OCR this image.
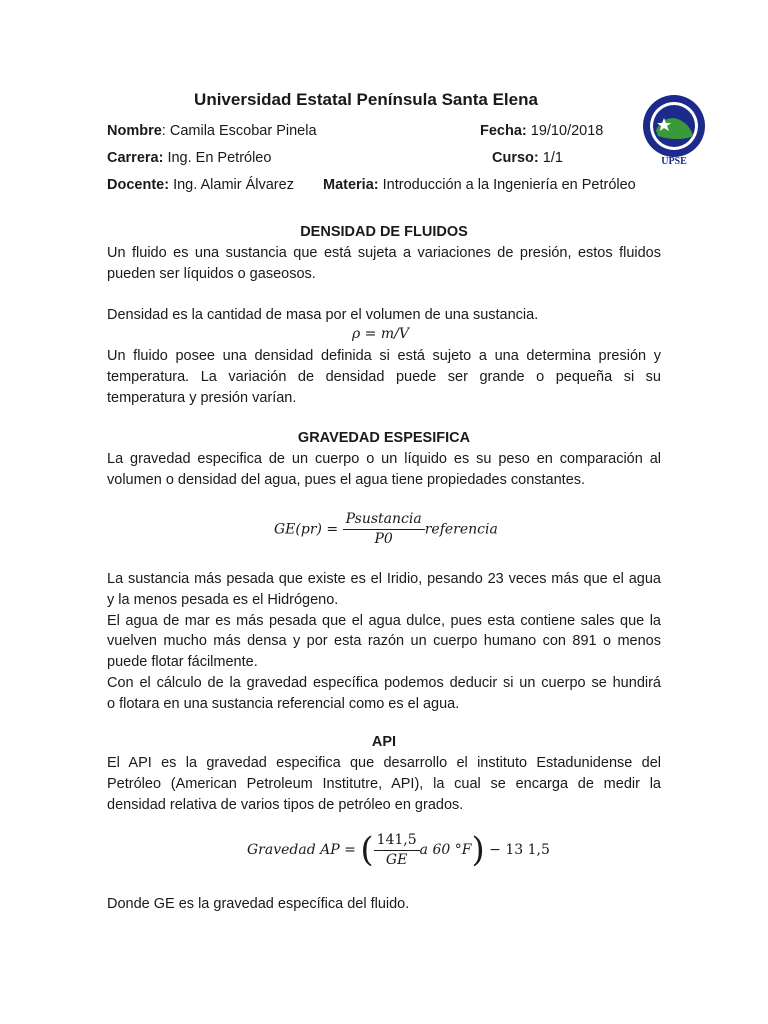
Universidad Estatal Península Santa Elena
UPSE
Nombre: Camila Escobar Pinela	Fecha: 19/10/2018
Carrera: Ing. En Petróleo	Curso: 1/1
Docente: Ing. Alamir Álvarez Materia: Introducción a la Ingeniería en Petróleo
DENSIDAD DE FLUIDOS
Un fluido es una sustancia que está sujeta a variaciones de presión, estos fluidos
pueden ser líquidos o gaseosos.
Densidad es la cantidad de masa por el volumen de una sustancia.
ρ = m/V
Un fluido posee una densidad definida si está sujeto a una determina presión y
temperatura. La variación de densidad puede ser grande o pequeña si su
temperatura y presión varían.
GRAVEDAD ESPESIFICA
La gravedad especifica de un cuerpo o un líquido es su peso en comparación al
volumen o densidad del agua, pues el agua tiene propiedades constantes.
$GE(pr) = \frac{\text{Psustancia}}{P0}$ referencia
La sustancia más pesada que existe es el Iridio, pesando 23 veces más que el agua
y la menos pesada es el Hidrógeno.
El agua de mar es más pesada que el agua dulce, pues esta contiene sales que la
vuelven mucho más densa y por esta razón un cuerpo humano con 891 o menos
puede flotar fácilmente.
Con el cálculo de la gravedad específica podemos deducir si un cuerpo se hundirá
o flotara en una sustancia referencial como es el agua.
API
El API es la gravedad especifica que desarrollo el instituto Estadunidense del
Petróleo (American Petroleum Institutre, API), la cual se encarga de medir la
densidad relativa de varios tipos de petróleo en grados.
Gravedad AP = ( $\frac{141,5}{GE}$ a 60 °F) − 13 1,5
Donde GE es la gravedad específica del fluido.
